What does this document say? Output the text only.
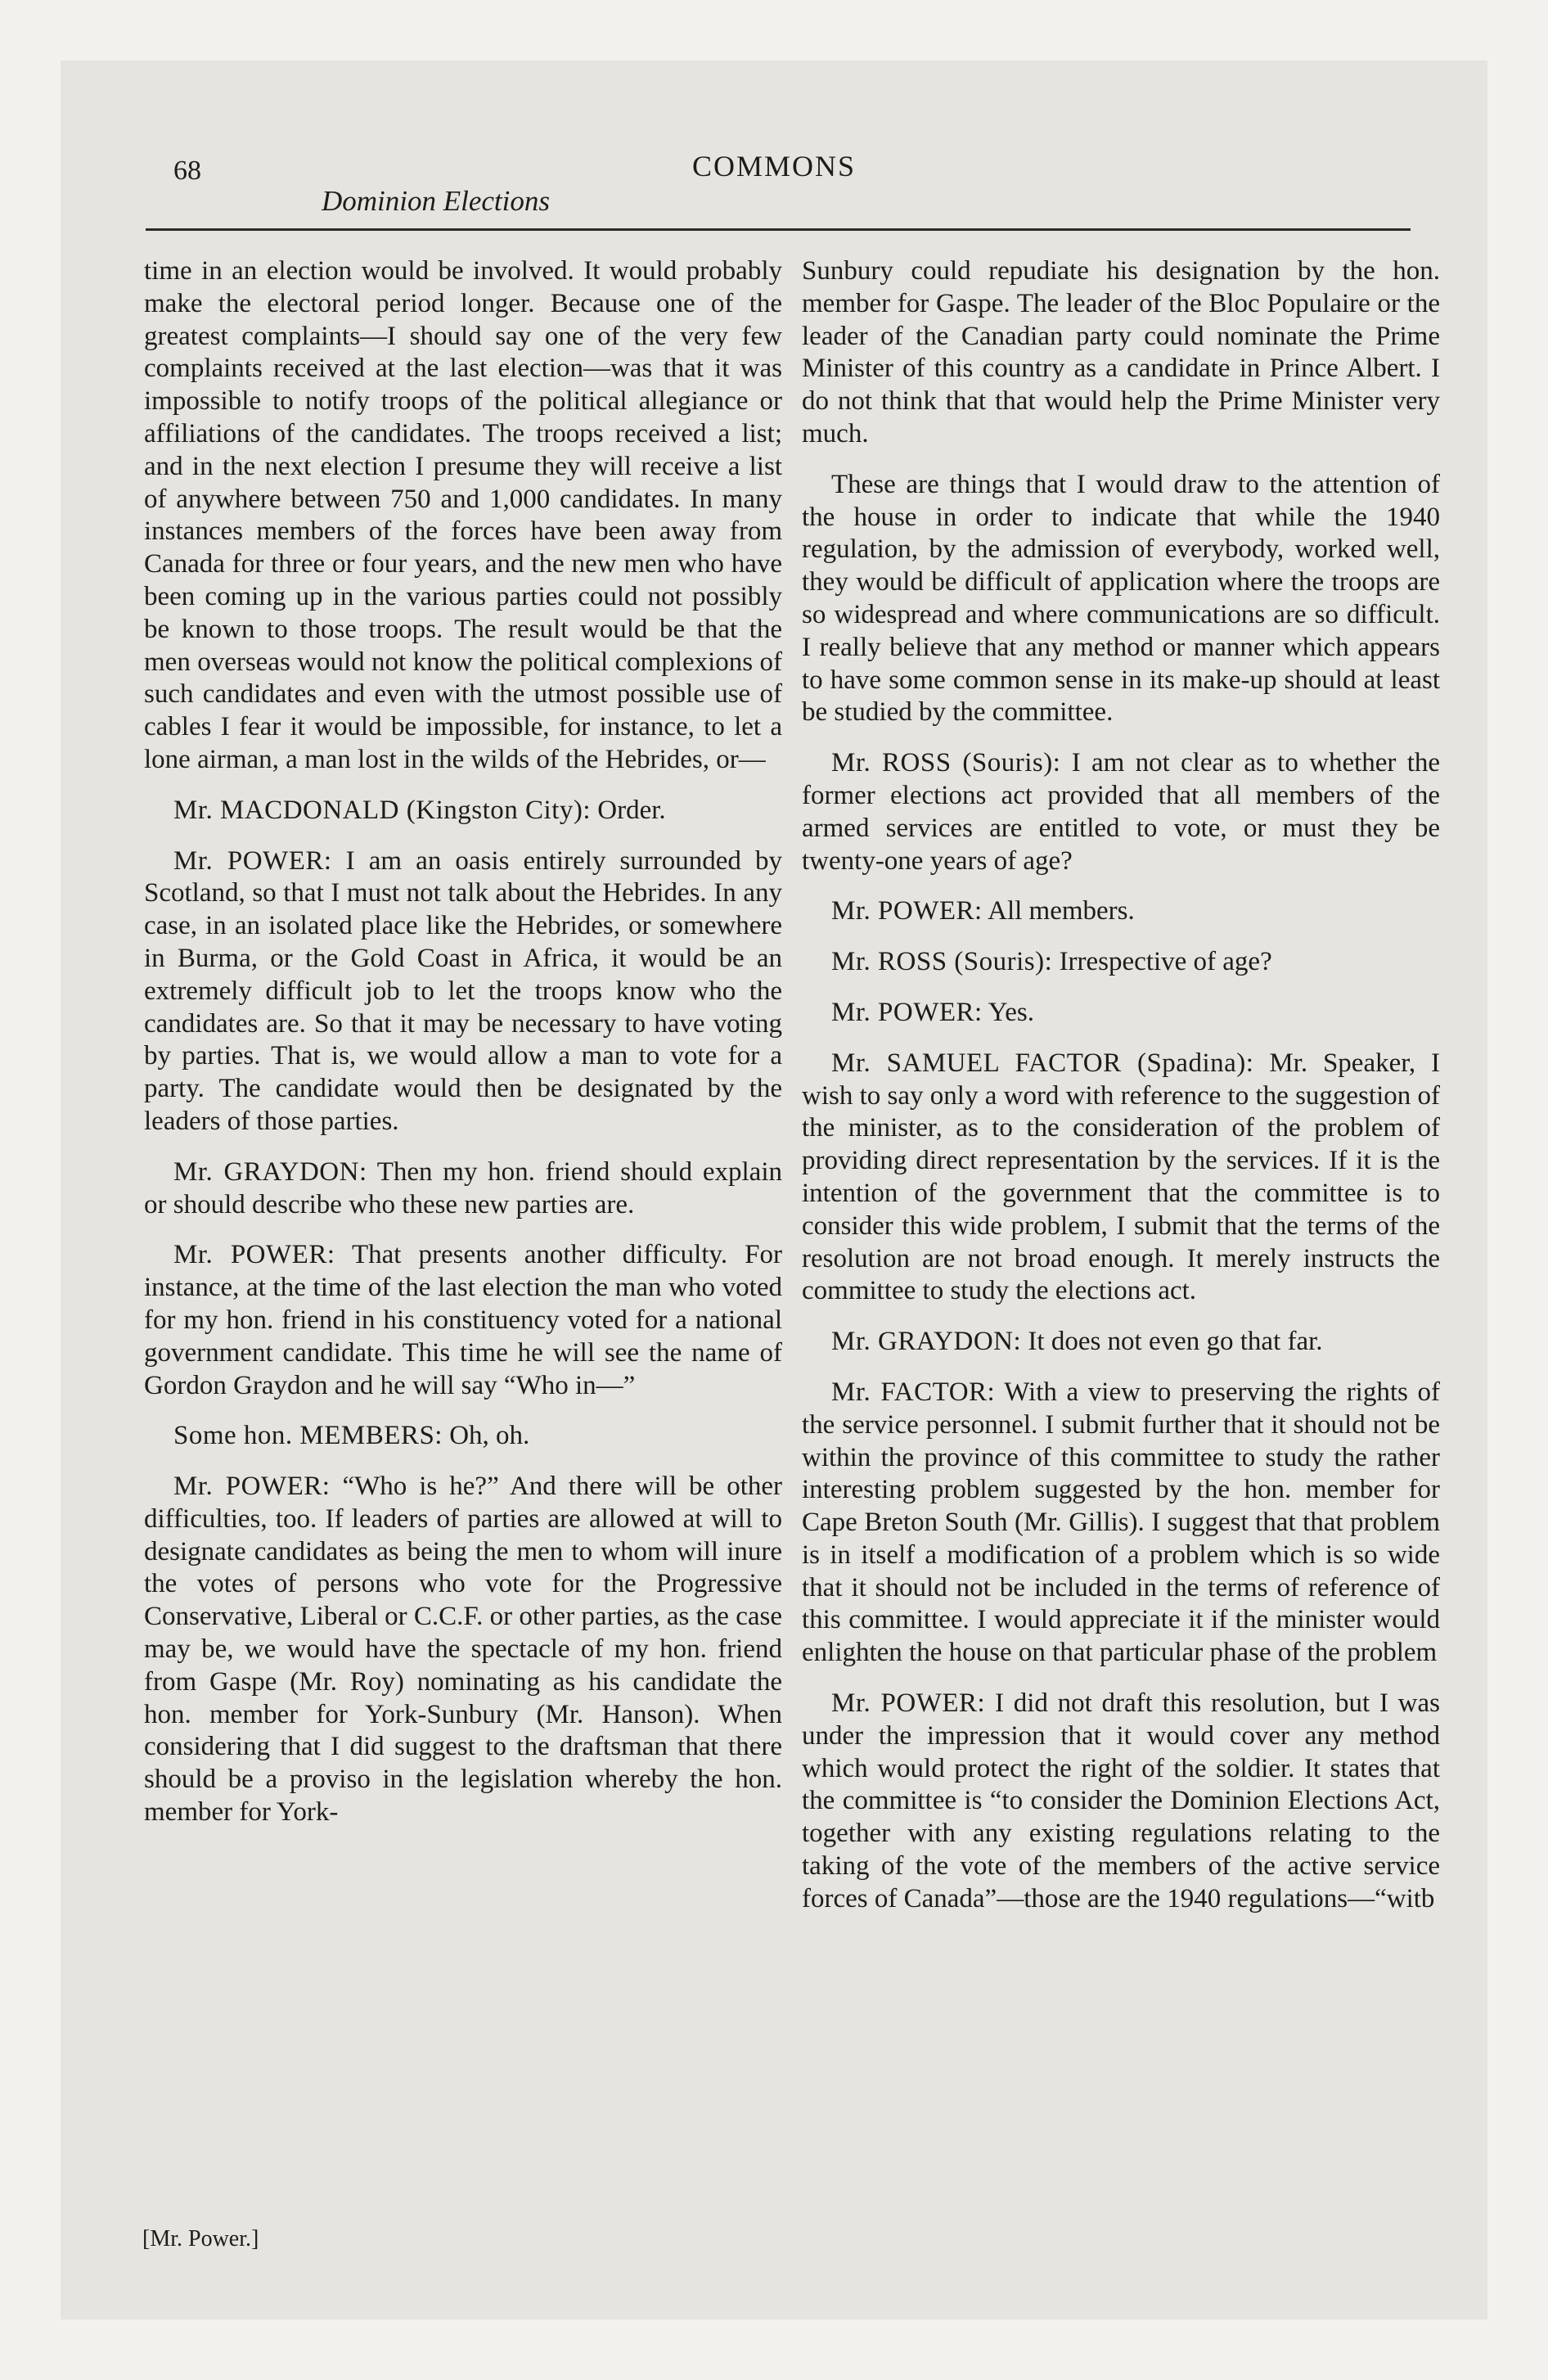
68	COMMONS
Dominion Elections

time in an election would be involved. It would probably make the electoral period longer. Because one of the greatest complaints—I should say one of the very few complaints received at the last election—was that it was impossible to notify troops of the political allegiance or affiliations of the candidates. The troops received a list; and in the next election I presume they will receive a list of anywhere between 750 and 1,000 candidates. In many instances members of the forces have been away from Canada for three or four years, and the new men who have been coming up in the various parties could not possibly be known to those troops. The result would be that the men overseas would not know the political complexions of such candidates and even with the utmost possible use of cables I fear it would be impossible, for instance, to let a lone airman, a man lost in the wilds of the Hebrides, or—

Mr. MACDONALD (Kingston City): Order.

Mr. POWER: I am an oasis entirely surrounded by Scotland, so that I must not talk about the Hebrides. In any case, in an isolated place like the Hebrides, or somewhere in Burma, or the Gold Coast in Africa, it would be an extremely difficult job to let the troops know who the candidates are. So that it may be necessary to have voting by parties. That is, we would allow a man to vote for a party. The candidate would then be designated by the leaders of those parties.

Mr. GRAYDON: Then my hon. friend should explain or should describe who these new parties are.

Mr. POWER: That presents another difficulty. For instance, at the time of the last election the man who voted for my hon. friend in his constituency voted for a national government candidate. This time he will see the name of Gordon Graydon and he will say “Who in—”

Some hon. MEMBERS: Oh, oh.

Mr. POWER: “Who is he?” And there will be other difficulties, too. If leaders of parties are allowed at will to designate candidates as being the men to whom will inure the votes of persons who vote for the Progressive Conservative, Liberal or C.C.F. or other parties, as the case may be, we would have the spectacle of my hon. friend from Gaspe (Mr. Roy) nominating as his candidate the hon. member for York-Sunbury (Mr. Hanson). When considering that I did suggest to the draftsman that there should be a proviso in the legislation whereby the hon. member for York-

Sunbury could repudiate his designation by the hon. member for Gaspe. The leader of the Bloc Populaire or the leader of the Canadian party could nominate the Prime Minister of this country as a candidate in Prince Albert. I do not think that that would help the Prime Minister very much.

These are things that I would draw to the attention of the house in order to indicate that while the 1940 regulation, by the admission of everybody, worked well, they would be difficult of application where the troops are so widespread and where communications are so difficult. I really believe that any method or manner which appears to have some common sense in its make-up should at least be studied by the committee.

Mr. ROSS (Souris): I am not clear as to whether the former elections act provided that all members of the armed services are entitled to vote, or must they be twenty-one years of age?

Mr. POWER: All members.

Mr. ROSS (Souris): Irrespective of age?

Mr. POWER: Yes.

Mr. SAMUEL FACTOR (Spadina): Mr. Speaker, I wish to say only a word with reference to the suggestion of the minister, as to the consideration of the problem of providing direct representation by the services. If it is the intention of the government that the committee is to consider this wide problem, I submit that the terms of the resolution are not broad enough. It merely instructs the committee to study the elections act.

Mr. GRAYDON: It does not even go that far.

Mr. FACTOR: With a view to preserving the rights of the service personnel. I submit further that it should not be within the province of this committee to study the rather interesting problem suggested by the hon. member for Cape Breton South (Mr. Gillis). I suggest that that problem is in itself a modification of a problem which is so wide that it should not be included in the terms of reference of this committee. I would appreciate it if the minister would enlighten the house on that particular phase of the problem

Mr. POWER: I did not draft this resolution, but I was under the impression that it would cover any method which would protect the right of the soldier. It states that the committee is “to consider the Dominion Elections Act, together with any existing regulations relating to the taking of the vote of the members of the active service forces of Canada”—those are the 1940 regulations—“witb

[Mr. Power.]
